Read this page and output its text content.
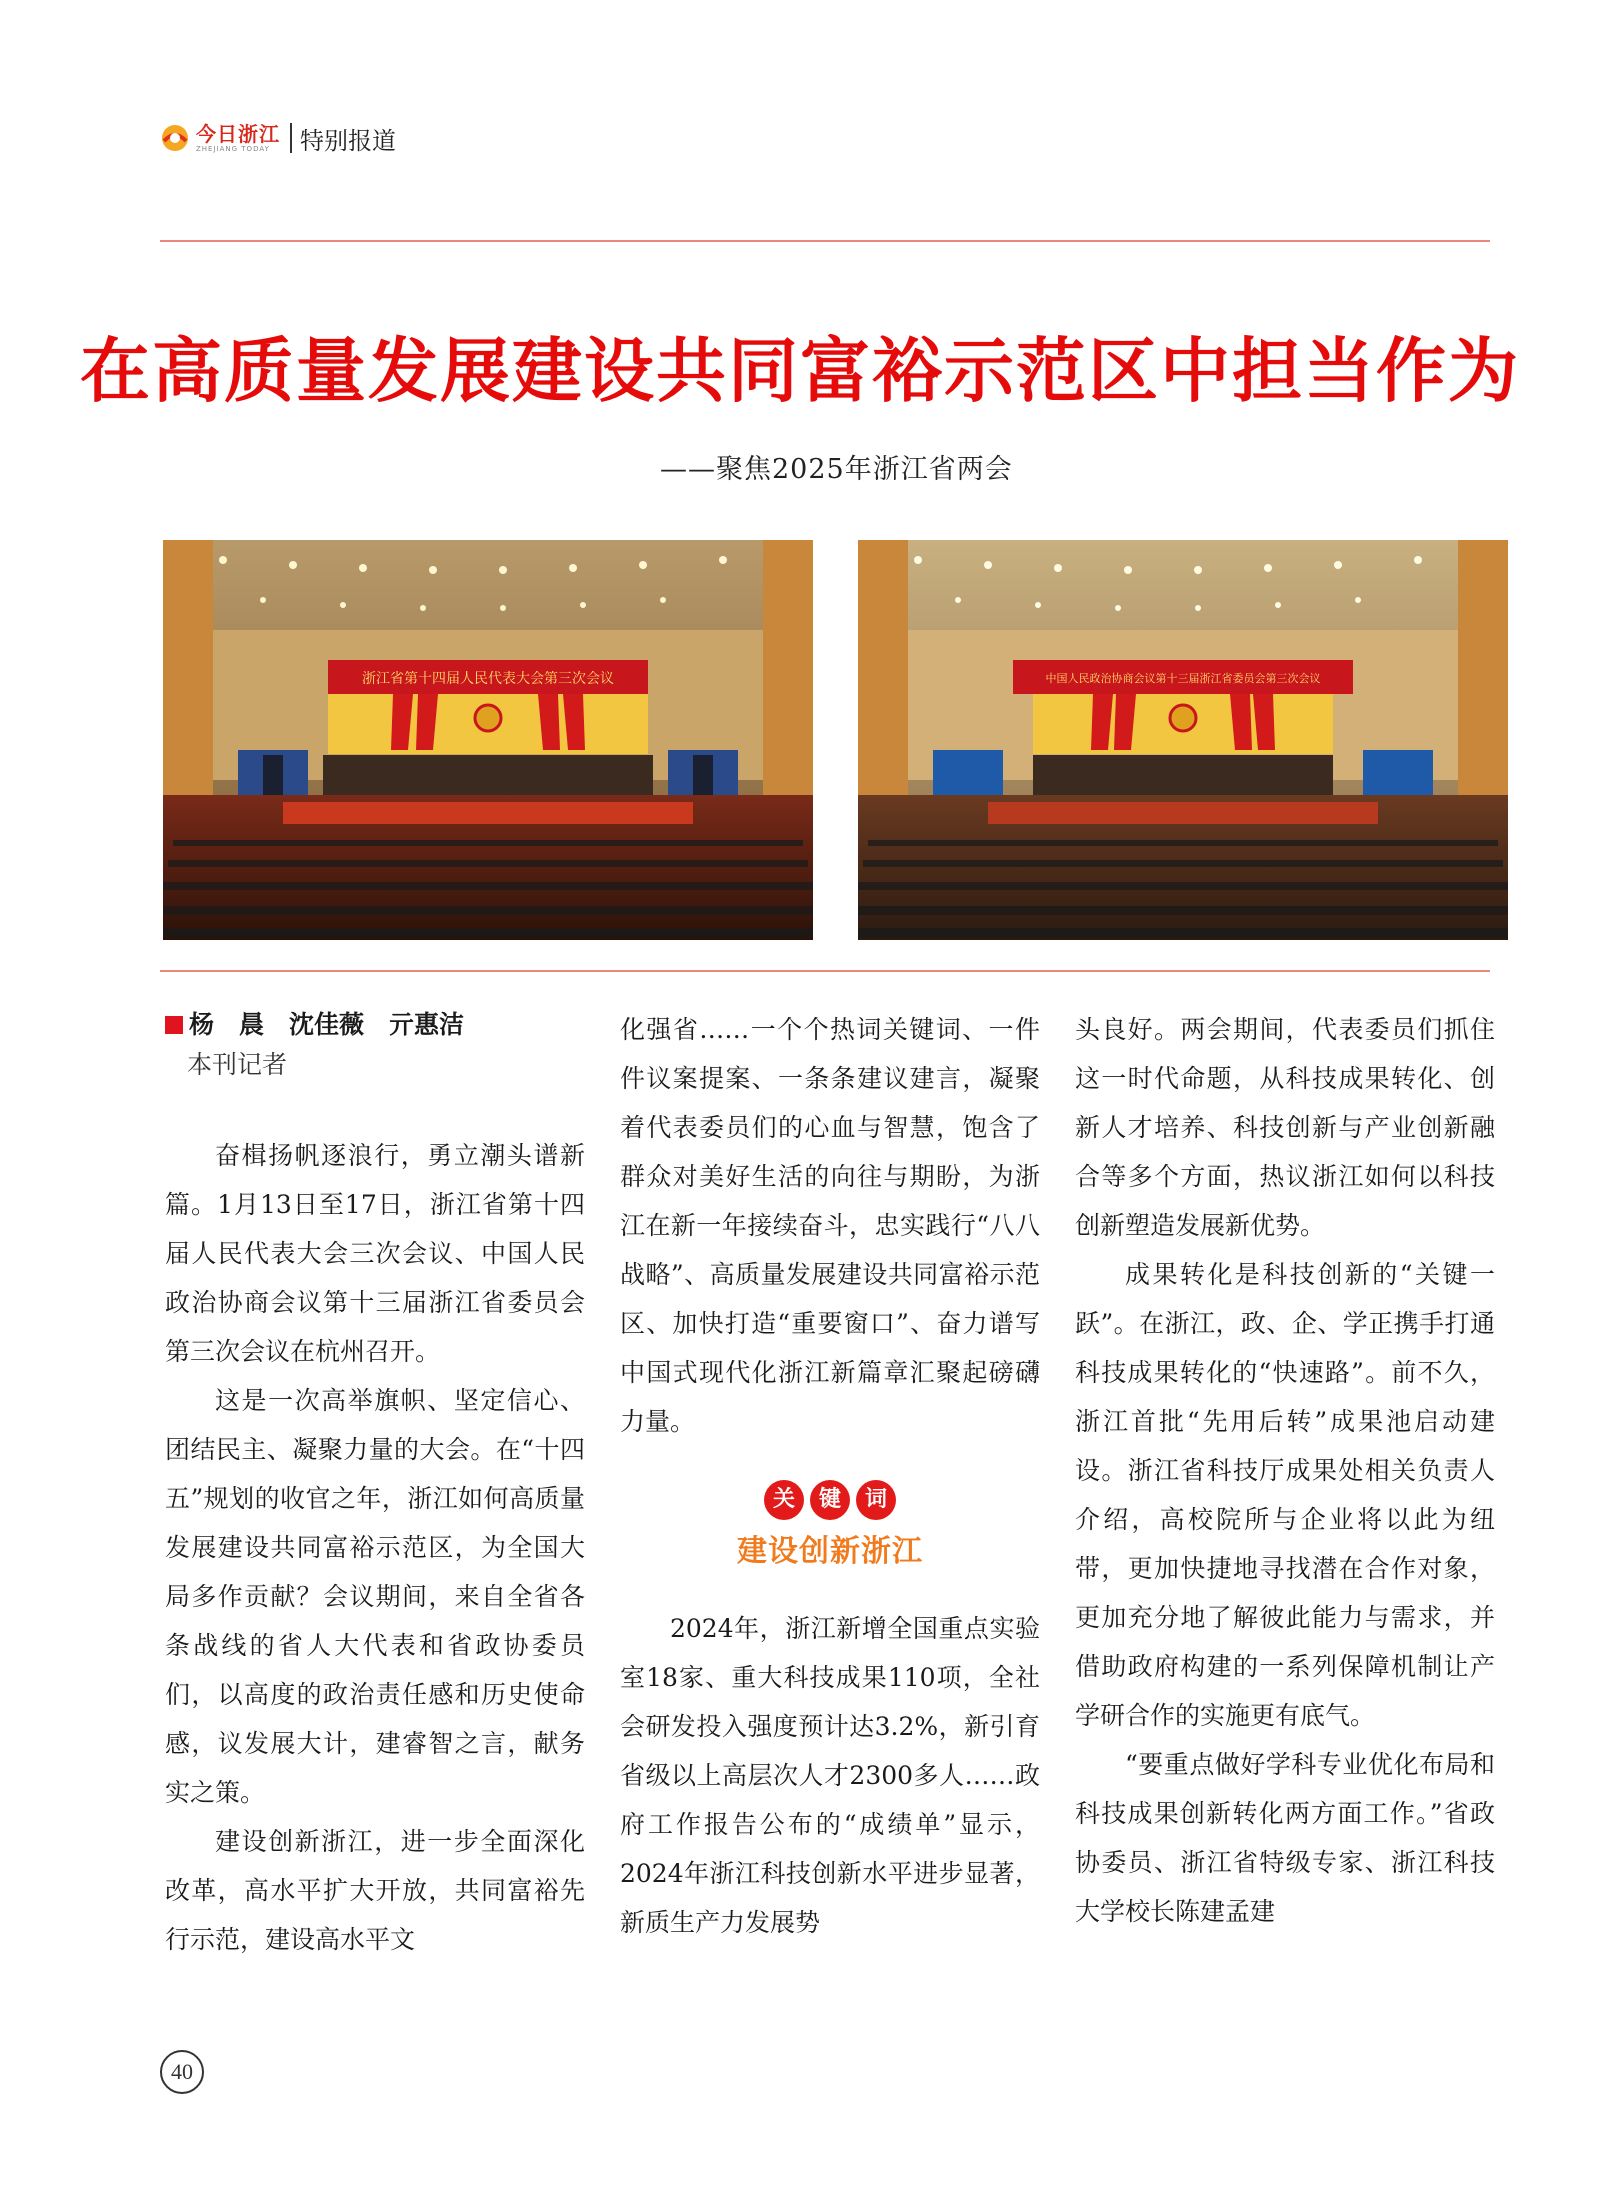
今日浙江
ZHEJIANG TODAY	特别报道
在高质量发展建设共同富裕示范区中担当作为
——聚焦2025年浙江省两会
浙江省第十四届人民代表大会第三次会议	中国人民政治协商会议第十三届浙江省委员会第三次会议
杨　晨　沈佳薇　亓惠洁
本刊记者

奋楫扬帆逐浪行，勇立潮头谱新篇。1月13日至17日，浙江省第十四届人民代表大会三次会议、中国人民政治协商会议第十三届浙江省委员会第三次会议在杭州召开。

这是一次高举旗帜、坚定信心、团结民主、凝聚力量的大会。在“十四五”规划的收官之年，浙江如何高质量发展建设共同富裕示范区，为全国大局多作贡献？会议期间，来自全省各条战线的省人大代表和省政协委员们，以高度的政治责任感和历史使命感，议发展大计，建睿智之言，献务实之策。

建设创新浙江，进一步全面深化改革，高水平扩大开放，共同富裕先行示范，建设高水平文

化强省……一个个热词关键词、一件件议案提案、一条条建议建言，凝聚着代表委员们的心血与智慧，饱含了群众对美好生活的向往与期盼，为浙江在新一年接续奋斗，忠实践行“八八战略”、高质量发展建设共同富裕示范区、加快打造“重要窗口”、奋力谱写中国式现代化浙江新篇章汇聚起磅礴力量。

关	键	词
建设创新浙江

2024年，浙江新增全国重点实验室18家、重大科技成果110项，全社会研发投入强度预计达3.2%，新引育省级以上高层次人才2300多人……政府工作报告公布的“成绩单”显示，2024年浙江科技创新水平进步显著，新质生产力发展势

头良好。两会期间，代表委员们抓住这一时代命题，从科技成果转化、创新人才培养、科技创新与产业创新融合等多个方面，热议浙江如何以科技创新塑造发展新优势。

成果转化是科技创新的“关键一跃”。在浙江，政、企、学正携手打通科技成果转化的“快速路”。前不久，浙江首批“先用后转”成果池启动建设。浙江省科技厅成果处相关负责人介绍，高校院所与企业将以此为纽带，更加快捷地寻找潜在合作对象，更加充分地了解彼此能力与需求，并借助政府构建的一系列保障机制让产学研合作的实施更有底气。

“要重点做好学科专业优化布局和科技成果创新转化两方面工作。”省政协委员、浙江省特级专家、浙江科技大学校长陈建孟建

40
